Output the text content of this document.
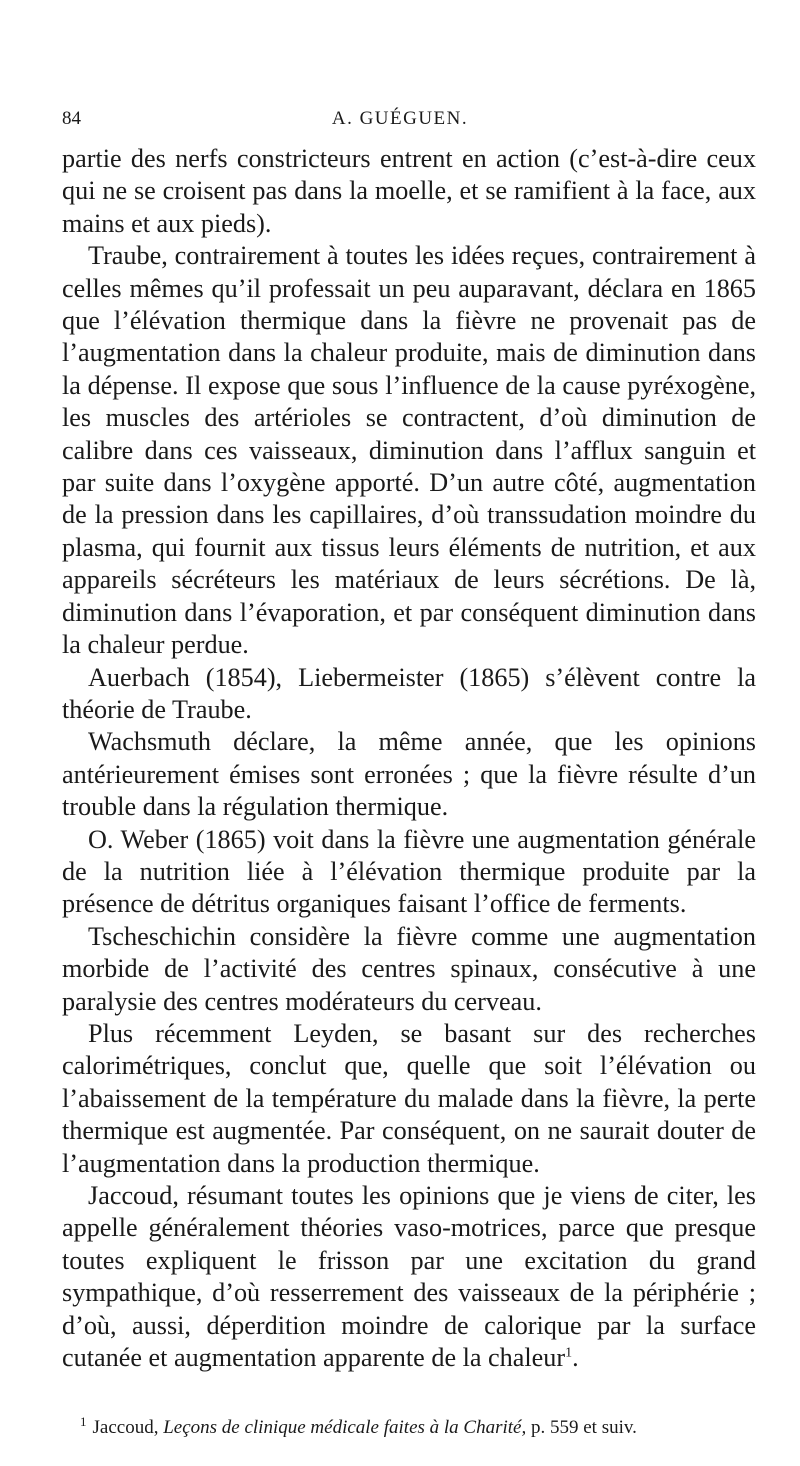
84	A. GUÉGUEN.

partie des nerfs constricteurs entrent en action (c’est-à-dire ceux qui ne se croisent pas dans la moelle, et se ramifient à la face, aux mains et aux pieds).

Traube, contrairement à toutes les idées reçues, contrairement à celles mêmes qu’il professait un peu auparavant, déclara en 1865 que l’élévation thermique dans la fièvre ne provenait pas de l’augmentation dans la chaleur produite, mais de diminution dans la dépense. Il expose que sous l’influence de la cause pyréxogène, les muscles des artérioles se contractent, d’où diminution de calibre dans ces vaisseaux, diminution dans l’afflux sanguin et par suite dans l’oxygène apporté. D’un autre côté, augmentation de la pression dans les capillaires, d’où transsudation moindre du plasma, qui fournit aux tissus leurs éléments de nutrition, et aux appareils sécréteurs les matériaux de leurs sécrétions. De là, diminution dans l’évaporation, et par conséquent diminution dans la chaleur perdue.

Auerbach (1854), Liebermeister (1865) s’élèvent contre la théorie de Traube.

Wachsmuth déclare, la même année, que les opinions antérieurement émises sont erronées ; que la fièvre résulte d’un trouble dans la régulation thermique.

O. Weber (1865) voit dans la fièvre une augmentation générale de la nutrition liée à l’élévation thermique produite par la présence de détritus organiques faisant l’office de ferments.

Tscheschichin considère la fièvre comme une augmentation morbide de l’activité des centres spinaux, consécutive à une paralysie des centres modérateurs du cerveau.

Plus récemment Leyden, se basant sur des recherches calorimétriques, conclut que, quelle que soit l’élévation ou l’abaissement de la température du malade dans la fièvre, la perte thermique est augmentée. Par conséquent, on ne saurait douter de l’augmentation dans la production thermique.

Jaccoud, résumant toutes les opinions que je viens de citer, les appelle généralement théories vaso-motrices, parce que presque toutes expliquent le frisson par une excitation du grand sympathique, d’où resserrement des vaisseaux de la périphérie ; d’où, aussi, déperdition moindre de calorique par la surface cutanée et augmentation apparente de la chaleur$^1$.

$^1$ Jaccoud, Leçons de clinique médicale faites à la Charité, p. 559 et suiv.
